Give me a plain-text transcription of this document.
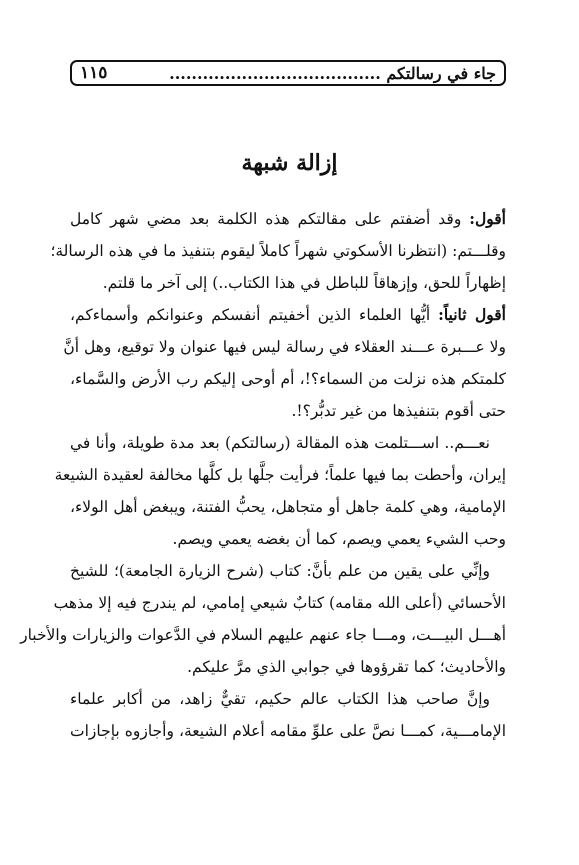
١١٥	جاء في رسالتكم ......................................
إزالة شبهة
أقول: وقد أضفتم على مقالتكم هذه الكلمة بعد مضي شهر كامل
وقلـــتم: (انتظرنا الأسكوتي شهراً كاملاً ليقوم بتنفيذ ما في هذه الرسالة؛
إظهاراً للحق، وإزهاقاً للباطل في هذا الكتاب..) إلى آخر ما قلتم.
أقول ثانياً: أيُّها العلماء الذين أخفيتم أنفسكم وعنوانكم وأسماءكم،
ولا عـــبرة عـــند العقلاء في رسالة ليس فيها عنوان ولا توقيع، وهل أنَّ
كلمتكم هذه نزلت من السماء؟!، أم أوحى إليكم رب الأرض والسَّماء،
حتى أقوم بتنفيذها من غير تدبُّر؟!.
نعـــم.. اســـتلمت هذه المقالة (رسالتكم) بعد مدة طويلة، وأنا في
إيران، وأحطت بما فيها علماً؛ فرأيت جلَّها بل كلَّها مخالفة لعقيدة الشيعة
الإمامية، وهي كلمة جاهل أو متجاهل، يحبُّ الفتنة، ويبغض أهل الولاء،
وحب الشيء يعمي ويصم، كما أن بغضه يعمي ويصم.
وإنِّي على يقين من علم بأنَّ: كتاب (شرح الزيارة الجامعة)؛ للشيخ
الأحسائي (أعلى الله مقامه) كتابٌ شيعي إمامي، لم يندرج فيه إلا مذهب
أهـــل البيـــت، ومـــا جاء عنهم عليهم السلام في الدَّعوات والزيارات والأخبار
والأحاديث؛ كما تقرؤوها في جوابي الذي مرَّ عليكم.
وإنَّ صاحب هذا الكتاب عالم حكيم، تقيٌّ زاهد، من أكابر علماء
الإمامـــية، كمـــا نصَّ على علوِّ مقامه أعلام الشيعة، وأجازوه بإجازات
